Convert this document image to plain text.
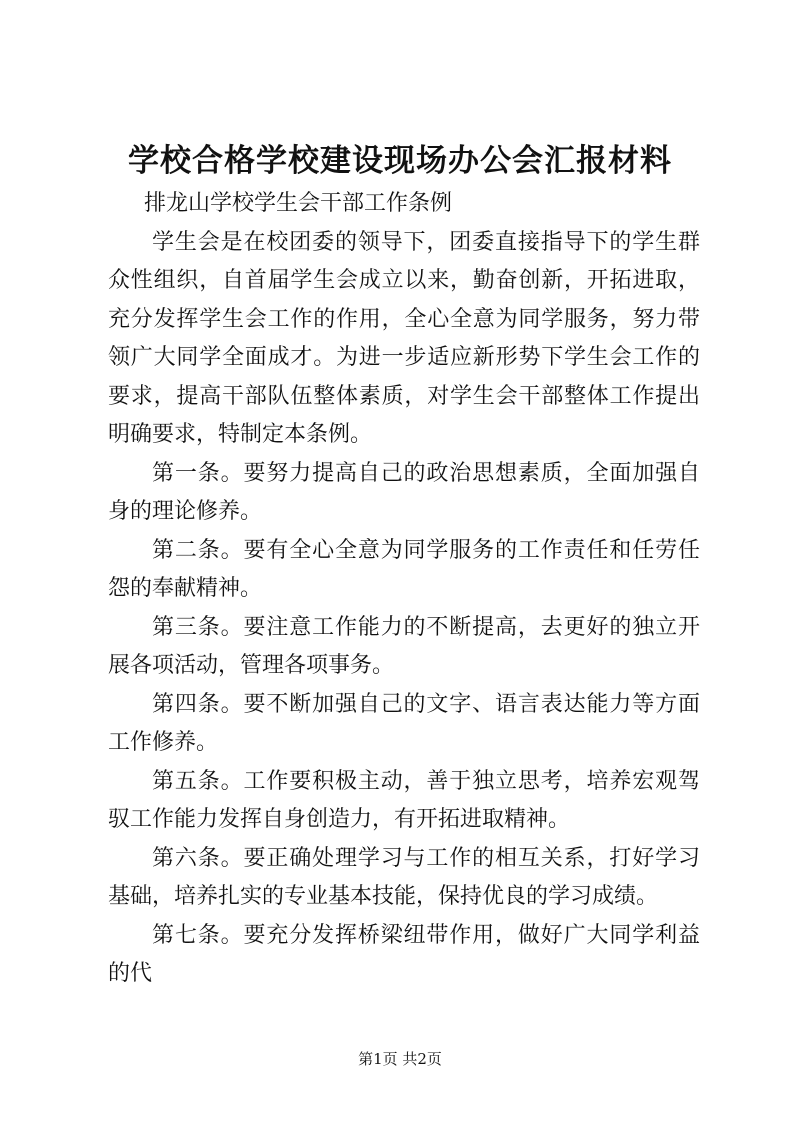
学校合格学校建设现场办公会汇报材料

排龙山学校学生会干部工作条例

学生会是在校团委的领导下，团委直接指导下的学生群众性组织，自首届学生会成立以来，勤奋创新，开拓进取，充分发挥学生会工作的作用，全心全意为同学服务，努力带领广大同学全面成才。为进一步适应新形势下学生会工作的要求，提高干部队伍整体素质，对学生会干部整体工作提出明确要求，特制定本条例。

第一条。要努力提高自己的政治思想素质，全面加强自身的理论修养。

第二条。要有全心全意为同学服务的工作责任和任劳任怨的奉献精神。

第三条。要注意工作能力的不断提高，去更好的独立开展各项活动，管理各项事务。

第四条。要不断加强自己的文字、语言表达能力等方面工作修养。

第五条。工作要积极主动，善于独立思考，培养宏观驾驭工作能力发挥自身创造力，有开拓进取精神。

第六条。要正确处理学习与工作的相互关系，打好学习基础，培养扎实的专业基本技能，保持优良的学习成绩。

第七条。要充分发挥桥梁纽带作用，做好广大同学利益的代

第1页 共2页
